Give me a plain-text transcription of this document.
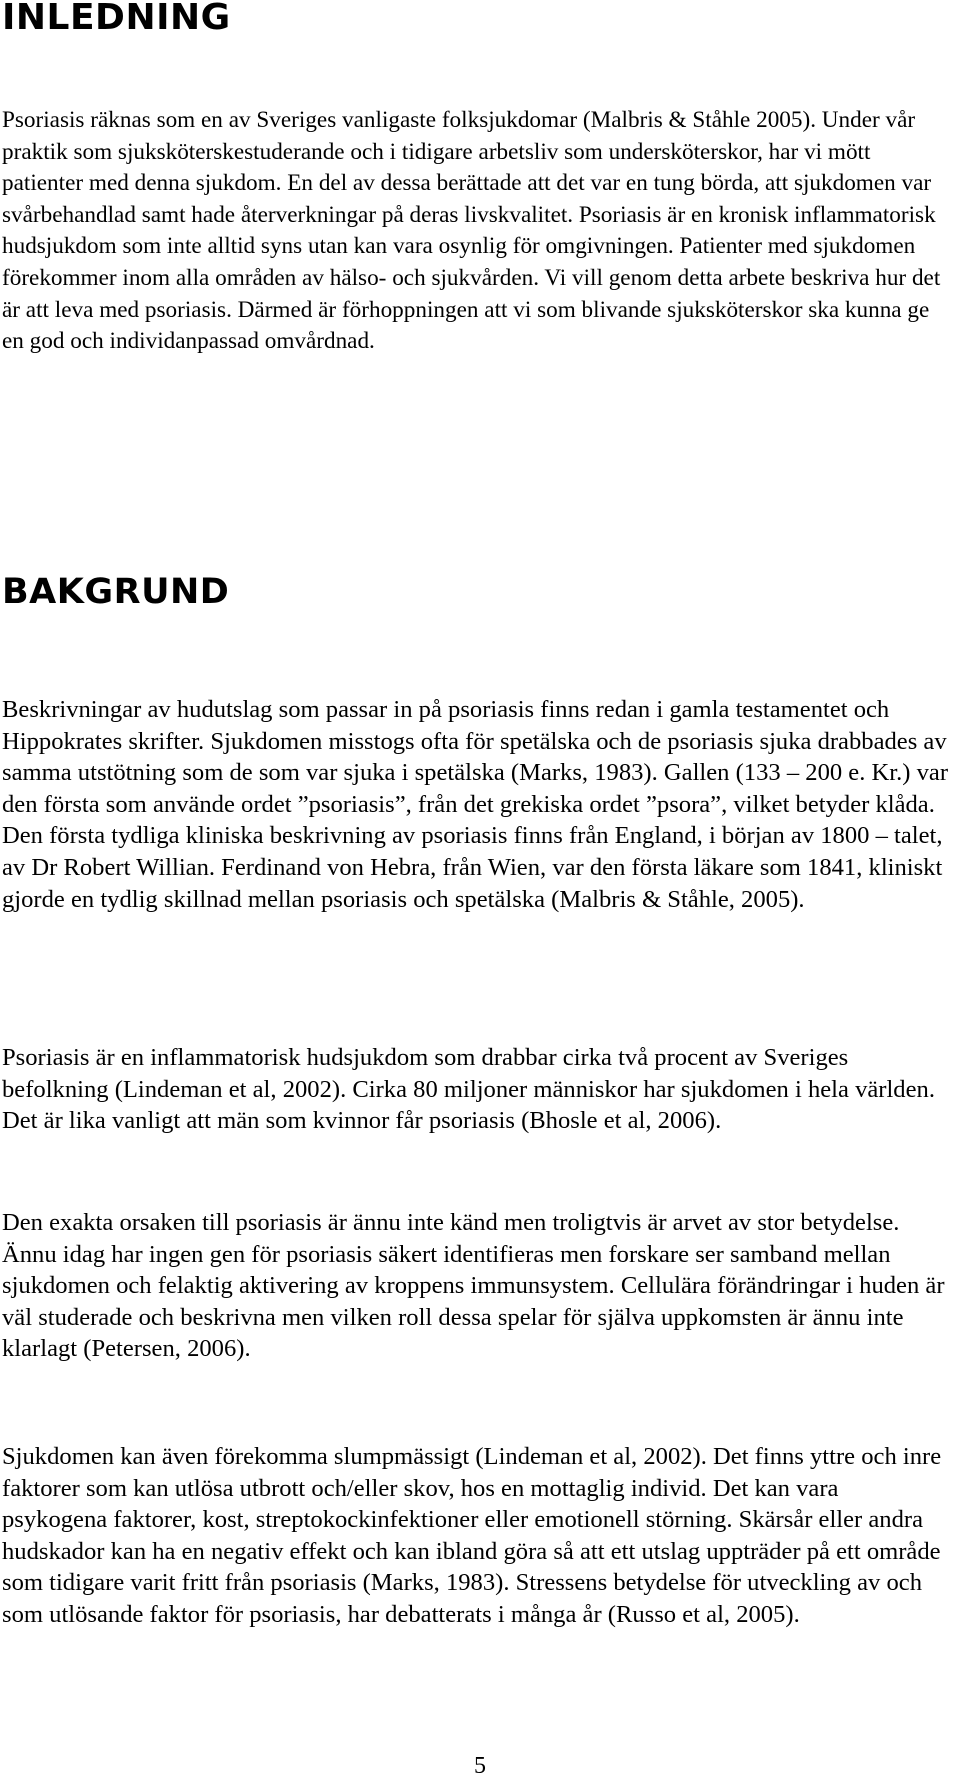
INLEDNING

Psoriasis räknas som en av Sveriges vanligaste folksjukdomar (Malbris & Ståhle 2005). Under vår praktik som sjuksköterskestuderande och i tidigare arbetsliv som undersköterskor, har vi mött patienter med denna sjukdom. En del av dessa berättade att det var en tung börda, att sjukdomen var svårbehandlad samt hade återverkningar på deras livskvalitet. Psoriasis är en kronisk inflammatorisk hudsjukdom som inte alltid syns utan kan vara osynlig för omgivningen. Patienter med sjukdomen förekommer inom alla områden av hälso- och sjukvården. Vi vill genom detta arbete beskriva hur det är att leva med psoriasis. Därmed är förhoppningen att vi som blivande sjuksköterskor ska kunna ge en god och individanpassad omvårdnad.

BAKGRUND

Beskrivningar av hudutslag som passar in på psoriasis finns redan i gamla testamentet och Hippokrates skrifter. Sjukdomen misstogs ofta för spetälska och de psoriasis sjuka drabbades av samma utstötning som de som var sjuka i spetälska (Marks, 1983). Gallen (133 – 200 e. Kr.) var den första som använde ordet ”psoriasis”, från det grekiska ordet ”psora”, vilket betyder klåda. Den första tydliga kliniska beskrivning av psoriasis finns från England, i början av 1800 – talet, av Dr Robert Willian. Ferdinand von Hebra, från Wien, var den första läkare som 1841, kliniskt gjorde en tydlig skillnad mellan psoriasis och spetälska (Malbris & Ståhle, 2005).

Psoriasis är en inflammatorisk hudsjukdom som drabbar cirka två procent av Sveriges befolkning (Lindeman et al, 2002). Cirka 80 miljoner människor har sjukdomen i hela världen. Det är lika vanligt att män som kvinnor får psoriasis (Bhosle et al, 2006).

Den exakta orsaken till psoriasis är ännu inte känd men troligtvis är arvet av stor betydelse. Ännu idag har ingen gen för psoriasis säkert identifieras men forskare ser samband mellan sjukdomen och felaktig aktivering av kroppens immunsystem. Cellulära förändringar i huden är väl studerade och beskrivna men vilken roll dessa spelar för själva uppkomsten är ännu inte klarlagt (Petersen, 2006).

Sjukdomen kan även förekomma slumpmässigt (Lindeman et al, 2002). Det finns yttre och inre faktorer som kan utlösa utbrott och/eller skov, hos en mottaglig individ. Det kan vara psykogena faktorer, kost, streptokockinfektioner eller emotionell störning. Skärsår eller andra hudskador kan ha en negativ effekt och kan ibland göra så att ett utslag uppträder på ett område som tidigare varit fritt från psoriasis (Marks, 1983). Stressens betydelse för utveckling av och som utlösande faktor för psoriasis, har debatterats i många år (Russo et al, 2005).

5
